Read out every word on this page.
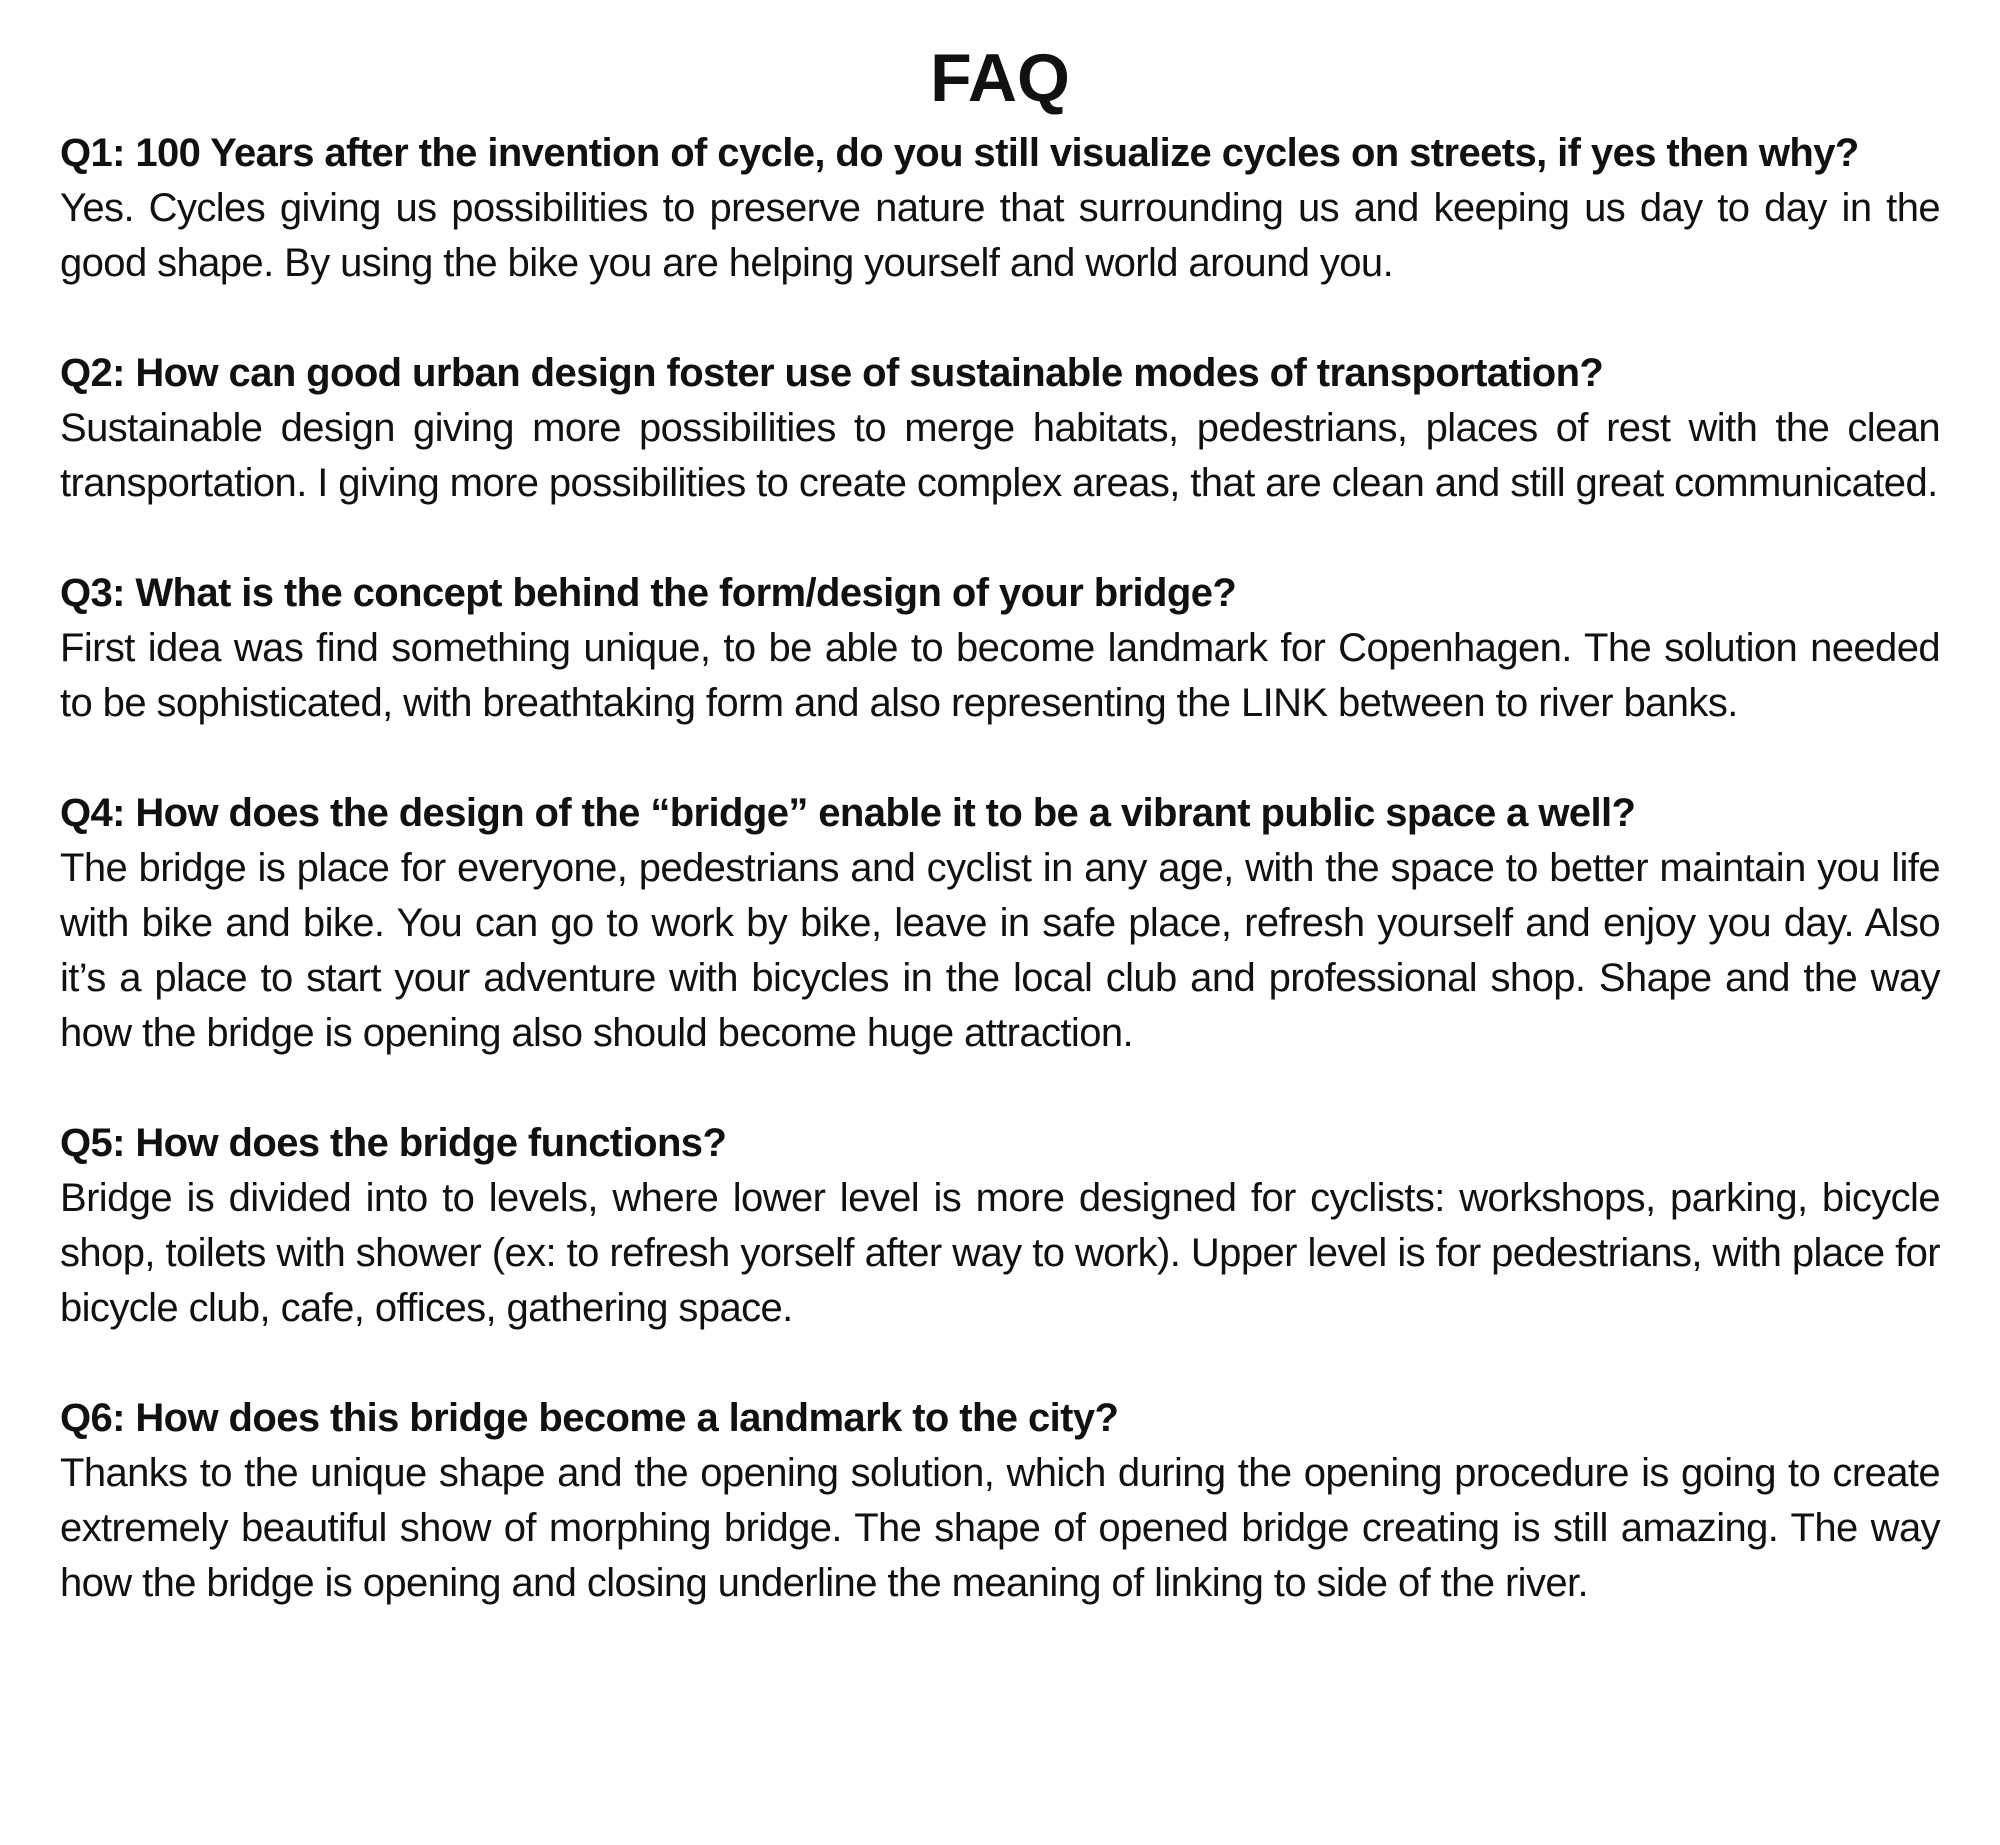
FAQ

Q1: 100 Years after the invention of cycle, do you still visualize cycles on streets, if yes then why?

Yes. Cycles giving us possibilities to preserve nature that surrounding us and keeping us day to day in the good shape. By using the bike you are helping yourself and world around you.

Q2: How can good urban design foster use of sustainable modes of transportation?

Sustainable design giving more possibilities to merge habitats, pedestrians, places of rest with the clean transportation. I giving more possibilities to create complex areas, that are clean and still great communicated.

Q3: What is the concept behind the form/design of your bridge?

First idea was find something unique, to be able to become landmark for Copenhagen. The solution needed to be sophisticated, with breathtaking form and also representing the LINK between to river banks.

Q4: How does the design of the “bridge” enable it to be a vibrant public space a well?

The bridge is place for everyone, pedestrians and cyclist in any age, with the space to better maintain you life with bike and bike. You can go to work by bike, leave in safe place, refresh yourself and enjoy you day. Also it’s a place to start your adventure with bicycles in the local club and professional shop. Shape and the way how the bridge is opening also should become huge attraction.

Q5: How does the bridge functions?

Bridge is divided into to levels, where lower level is more designed for cyclists: workshops, parking, bicycle shop, toilets with shower (ex: to refresh yorself after way to work). Upper level is for pedestrians, with place for bicycle club, cafe, offices, gathering space.

Q6: How does this bridge become a landmark to the city?

Thanks to the unique shape and the opening solution, which during the opening procedure is going to create extremely beautiful show of morphing bridge. The shape of opened bridge creating is still amazing. The way how the bridge is opening and closing underline the meaning of linking to side of the river.
